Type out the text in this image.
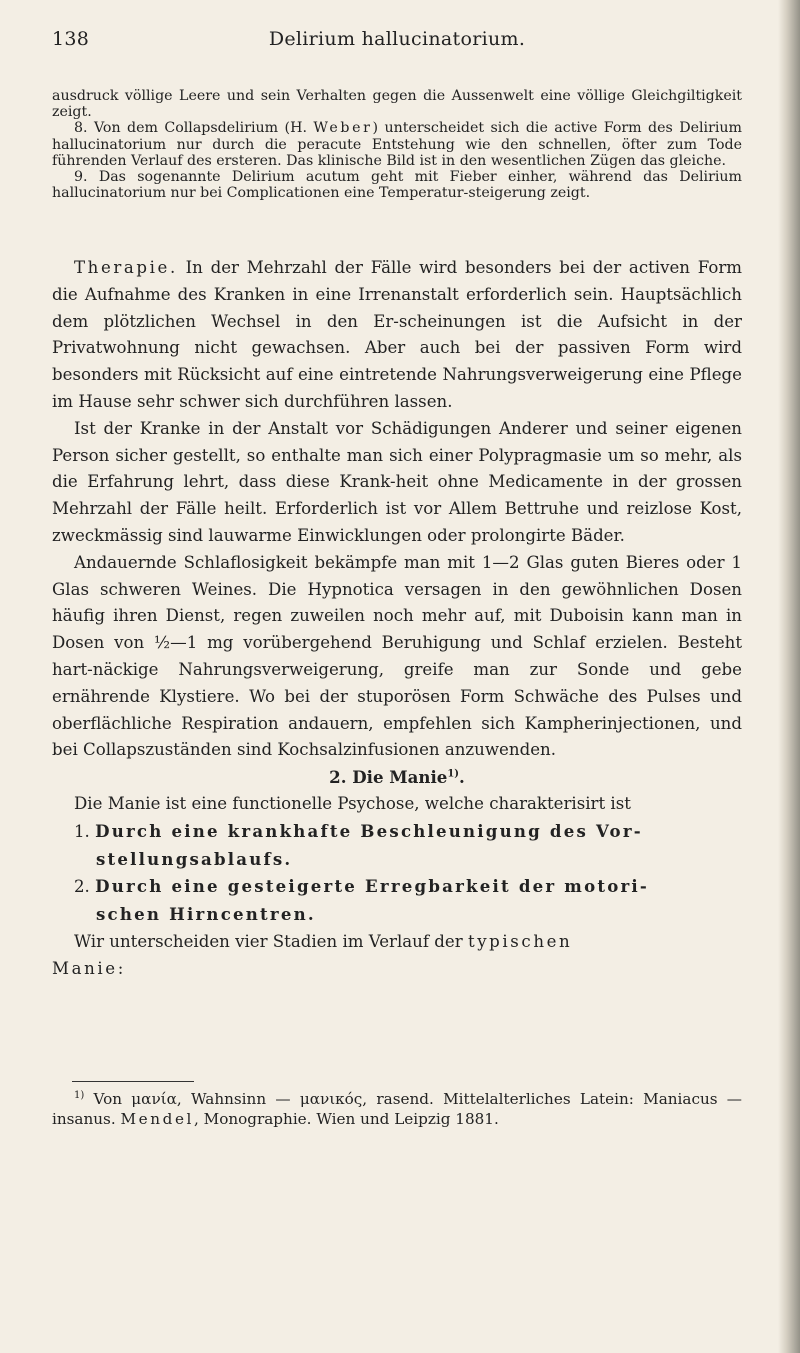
138	Delirium hallucinatorium.

ausdruck völlige Leere und sein Verhalten gegen die Aussenwelt eine völlige Gleichgiltigkeit zeigt.

8. Von dem Collapsdelirium (H. Weber) unterscheidet sich die active Form des Delirium hallucinatorium nur durch die peracute Entstehung wie den schnellen, öfter zum Tode führenden Verlauf des ersteren. Das klinische Bild ist in den wesentlichen Zügen das gleiche.

9. Das sogenannte Delirium acutum geht mit Fieber einher, während das Delirium hallucinatorium nur bei Complicationen eine Temperatur-steigerung zeigt.

Therapie. In der Mehrzahl der Fälle wird besonders bei der activen Form die Aufnahme des Kranken in eine Irrenanstalt erforderlich sein. Hauptsächlich dem plötzlichen Wechsel in den Er-scheinungen ist die Aufsicht in der Privatwohnung nicht gewachsen. Aber auch bei der passiven Form wird besonders mit Rücksicht auf eine eintretende Nahrungsverweigerung eine Pflege im Hause sehr schwer sich durchführen lassen.

Ist der Kranke in der Anstalt vor Schädigungen Anderer und seiner eigenen Person sicher gestellt, so enthalte man sich einer Polypragmasie um so mehr, als die Erfahrung lehrt, dass diese Krank-heit ohne Medicamente in der grossen Mehrzahl der Fälle heilt. Erforderlich ist vor Allem Bettruhe und reizlose Kost, zweckmässig sind lauwarme Einwicklungen oder prolongirte Bäder.

Andauernde Schlaflosigkeit bekämpfe man mit 1—2 Glas guten Bieres oder 1 Glas schweren Weines. Die Hypnotica versagen in den gewöhnlichen Dosen häufig ihren Dienst, regen zuweilen noch mehr auf, mit Duboisin kann man in Dosen von ½—1 mg vorübergehend Beruhigung und Schlaf erzielen. Besteht hart-näckige Nahrungsverweigerung, greife man zur Sonde und gebe ernährende Klystiere. Wo bei der stuporösen Form Schwäche des Pulses und oberflächliche Respiration andauern, empfehlen sich Kampherinjectionen, und bei Collapszuständen sind Kochsalzinfusionen anzuwenden.

2. Die Manie$^{1)}$.

Die Manie ist eine functionelle Psychose, welche charakterisirt ist

1. Durch eine krankhafte Beschleunigung des Vor-

stellungsablaufs.

2. Durch eine gesteigerte Erregbarkeit der motori-

schen Hirncentren.

Wir unterscheiden vier Stadien im Verlauf der typischen

Manie:

$^{1)}$ Von μανία, Wahnsinn — μανικός, rasend. Mittelalterliches Latein: Maniacus — insanus. Mendel, Monographie. Wien und Leipzig 1881.
